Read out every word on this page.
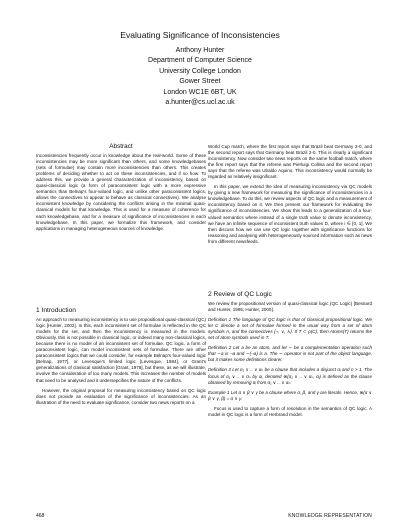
Evaluating Significance of Inconsistencies
Anthony Hunter
Department of Computer Science
University College London
Gower Street
London WC1E 6BT, UK
a.hunter@cs.ucl.ac.uk
Abstract
Inconsistencies frequently occur in knowledge about the real-world. Some of these inconsistencies may be more significant than others, and some knowledgebases (sets of formulae) may contain more inconsistencies than others. This creates problems of deciding whether to act on these inconsistencies, and if so how. To address this, we provide a general characterization of inconsistency, based on quasi-classical logic (a form of paraconsistent logic with a more expressive semantics than Belnap's four-valued logic, and unlike other paraconsistent logics, allows the connectives to appear to behave as classical connectives). We analyse inconsistent knowledge by considering the conflicts arising in the minimal quasi-classical models for that knowledge. This is used for a measure of coherence for each knowledgebase, and for a measure of significance of inconsistencies in each knowledgebase. In this paper, we formalize this framework, and consider applications in managing heterogeneous sources of knowledge.
1 Introduction
An approach to measuring inconsistency is to use propositional quasi-classical (QC) logic [Hunter, 2002]. In this, each inconsistent set of formulae is reflected in the QC models for the set, and then the inconsistency is measured in the models. Obviously, this is not possible in classical logic, or indeed many non-classical logics, because there is no model of an inconsistent set of formulae. QC logic, a form of paraconsistent logic, can model inconsistent sets of formulae. There are other paraconsistent logics that we could consider, for example Belnap's four-valued logic [Belnap, 1977], or Levesque's limited logic [Levesque, 1984], or Grant's generalizations of classical satisfaction [Grant, 1978], but these, as we will illustrate, involve the consideration of too many models. This increases the number of models that need to be analysed and it undersepcifies the nature of the conflicts.
However, the original proposal for measuring inconsistency based on QC logic does not provide an evaluation of the significance of inconsistencies. As an illustration of the need to evaluate significance, consider two news reports on a
World Cup match, where the first report says that Brazil beat Germany 2-0, and the second report says that Germany beat Brazil 2-0. This is clearly a significant inconsistency. Now consider two news reports on the same football match, where the first report says that the referee was Pierluigi Collina and the second report says that the referee was Ubaldo Aquino. This inconsistency would normally be regarded as relatively insignificant.
In this paper, we extend the idea of measuring inconsistency via QC models by giving a new framework for measuring the significance of inconsistencies in a knowledgebase. To do this, we review aspects of QC logic and a measurement of inconsistency based on it. We then present our framework for evaluating the significance of inconsistencies. We show this leads to a generalization of a four-valued semantics where instead of a single truth value to denote inconsistency, we have an infinite sequence of inconsistent truth values D, where i ∈ [0, 1]. We then discuss how we can use QC logic together with significance functions for reasoning and analysing with heterogeneously sourced information such as news from different newsfeeds.
2 Review of QC Logic
We review the propositional version of quasi-classical logic (QC Logic) [Besnard and Hunter, 1995; Hunter, 2000].
Definition 1 The language of QC logic is that of classical propositional logic. We let C denote a set of formulae formed in the usual way from a set of atom symbols A, and the connectives {¬, ∨, ∧}. If T ⊂ ρ(C), then Atoms(T) returns the set of atom symbols used in T.
Definition 2 Let a be an atom, and let ∼ be a complementation operation such that ∼a is ¬a and ∼(¬a) is a. The ∼ operator is not part of the object language, but it makes some definitions clearer.
Definition 3 Let α₁ ∨ .. ∨ αₙ be a clause that includes a disjunct αᵢ and n > 1. The focus of α₁ ∨ .. ∨ αₙ by αᵢ, denoted ⊗(α₁ ∨ .. ∨ αₙ, αᵢ) is defined as the clause obtained by removing αᵢ from α₁ ∨ .. ∨ αₙ.
Example 1 Let α ∨ β ∨ γ be a clause where α, β, and γ are literals. Hence, ⊗(α ∨ β ∨ γ, β) = α ∨ γ.
Focus is used to capture a form of resolution in the semantics of QC logic. A model in QC logic is a form of Herbrand model.
468	KNOWLEDGE REPRESENTATION
